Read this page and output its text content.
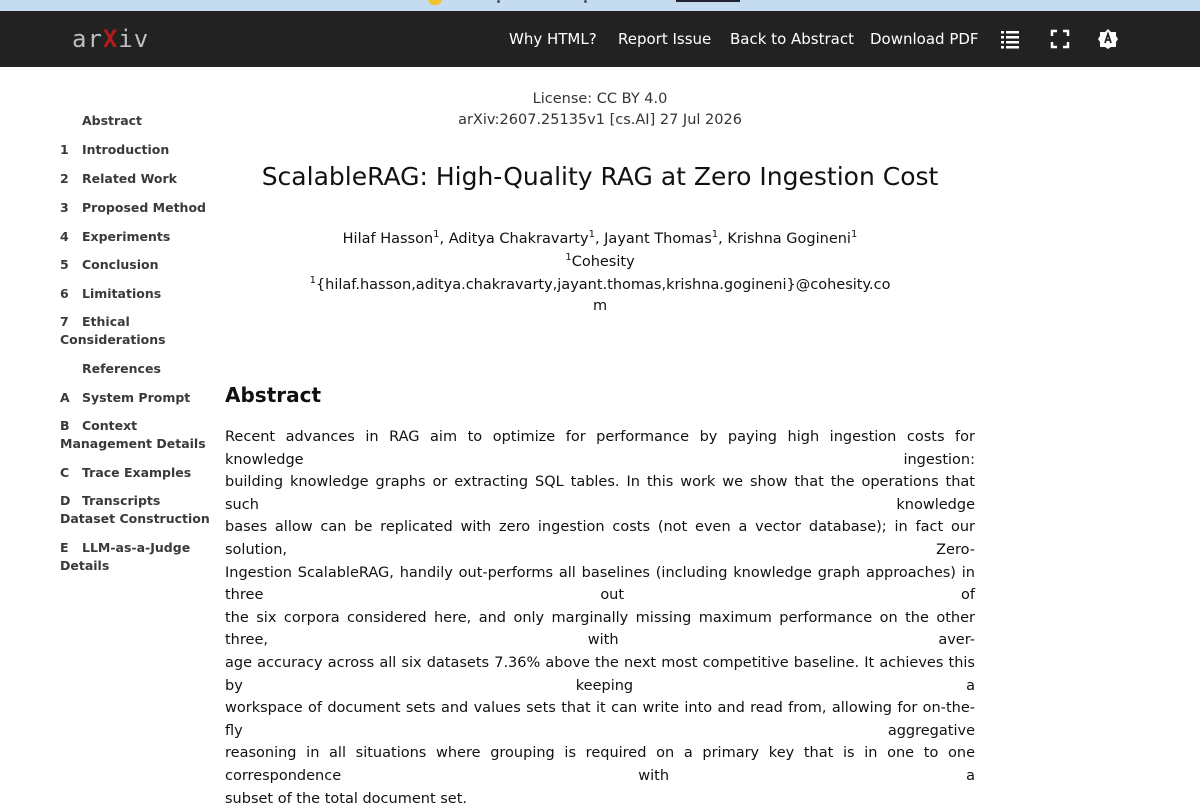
arXiv	Why HTML? Report Issue Back to Abstract Download PDF
Abstract
1 Introduction
2 Related Work
3 Proposed Method
4 Experiments
5 Conclusion
6 Limitations
7 Ethical
Considerations
References
A System Prompt
B Context
Management Details
C Trace Examples
D Transcripts
Dataset Construction
E LLM-as-a-Judge
Details
License: CC BY 4.0
arXiv:2607.25135v1 [cs.AI] 27 Jul 2026
ScalableRAG: High-Quality RAG at Zero Ingestion Cost
Hilaf Hasson$^1$, Aditya Chakravarty$^1$, Jayant Thomas$^1$, Krishna Gogineni$^1$
$^1$Cohesity
$^1${hilaf.hasson,aditya.chakravarty,jayant.thomas,krishna.gogineni}@cohesity.co
m
Abstract
Recent advances in RAG aim to optimize for performance by paying high ingestion costs for knowledge ingestion:
building knowledge graphs or extracting SQL tables. In this work we show that the operations that such knowledge
bases allow can be replicated with zero ingestion costs (not even a vector database); in fact our solution, Zero-
Ingestion ScalableRAG, handily out-performs all baselines (including knowledge graph approaches) in three out of
the six corpora considered here, and only marginally missing maximum performance on the other three, with aver-
age accuracy across all six datasets 7.36% above the next most competitive baseline. It achieves this by keeping a
workspace of document sets and values sets that it can write into and read from, allowing for on-the-fly aggregative
reasoning in all situations where grouping is required on a primary key that is in one to one correspondence with a
subset of the total document set.
